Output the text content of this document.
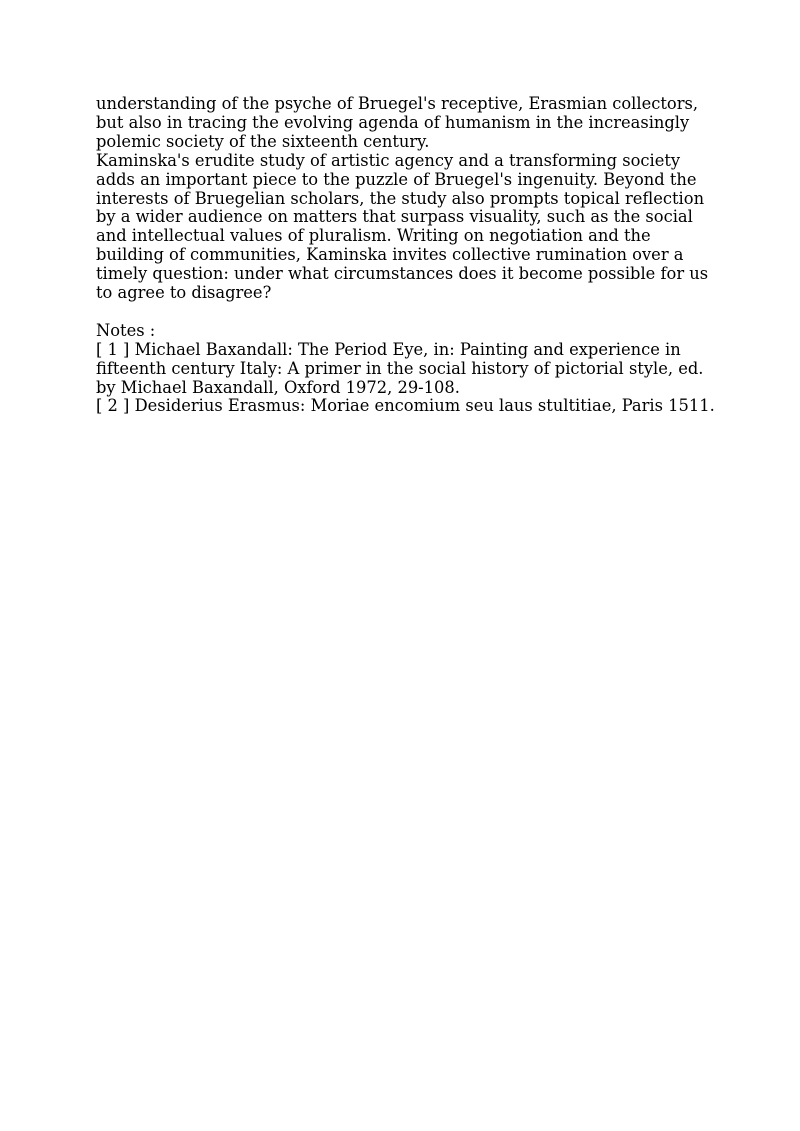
understanding of the psyche of Bruegel's receptive, Erasmian collectors, but also in tracing the evolving agenda of humanism in the increasingly polemic society of the sixteenth century.

Kaminska's erudite study of artistic agency and a transforming society adds an important piece to the puzzle of Bruegel's ingenuity. Beyond the interests of Bruegelian scholars, the study also prompts topical reflection by a wider audience on matters that surpass visuality, such as the social and intellectual values of pluralism. Writing on negotiation and the building of communities, Kaminska invites collective rumination over a timely question: under what circumstances does it become possible for us to agree to disagree?

Notes :

[ 1 ] Michael Baxandall: The Period Eye, in: Painting and experience in fifteenth century Italy: A primer in the social history of pictorial style, ed. by Michael Baxandall, Oxford 1972, 29-108.

[ 2 ] Desiderius Erasmus: Moriae encomium seu laus stultitiae, Paris 1511.
